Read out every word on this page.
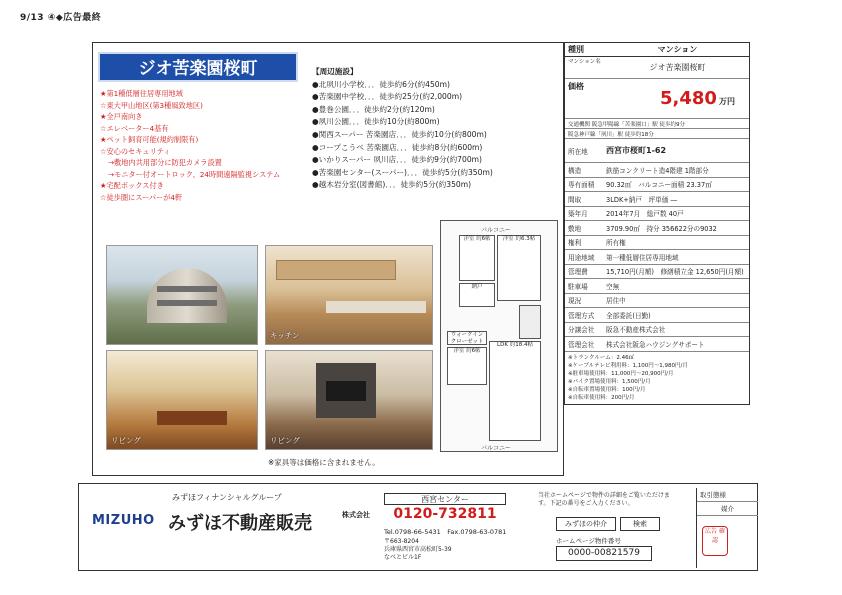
9/13 ④◆広告最終
ジオ苦楽園桜町
★第1種低層住居専用地域
☆東大甲山地区(第3種風致地区)
★全戸南向き
☆エレベーター4基有
★ペット飼育可能(規約制限有)
☆安心のセキュリティ
→敷地内共用部分に防犯カメラ設置
→モニター付オートロック、24時間遠隔監視システム
★宅配ボックス付き
☆徒歩圏にスーパーが4軒
【周辺施設】
●北夙川小学校．．．徒歩約6分(約450m)
●苦楽園中学校．．．徒歩約25分(約2,000m)
●豊巻公園．．．徒歩約2分(約120m)
●夙川公園．．．徒歩約10分(約800m)
●関西スーパー 苦楽園店．．．徒歩約10分(約800m)
●コープこうべ 苦楽園店．．．徒歩約8分(約600m)
●いかりスーパー 夙川店．．．徒歩約9分(約700m)
●苦楽園センター(スーパー)．．．徒歩約5分(約350m)
●越木岩分室(図書館)．．．徒歩約5分(約350m)
キッチン
リビング	リビング
バルコニー
洋室 約6帖	洋室 約6.3帖
納戸
ウォークイン クローゼット
洋室 約6帖
LDK 約18.4帖
バルコニー
※家具等は価格に含まれません。
種別	マンション
マンション名
ジオ苦楽園桜町
価格
5,480 万円
交通機関 阪急甲陽線「苦楽園口」駅 徒歩約9分
阪急神戸線「夙川」駅 徒歩約18分
所在地	西宮市桜町1-62
構造	鉄筋コンクリート造4階建 1階部分
専有面積	90.32㎡　バルコニー面積 23.37㎡
間取	3LDK+納戸　坪単価 ―
築年月	2014年7月　総戸数 40戸
敷地	3709.90㎡　持分 356622分の9032
権利	所有権
用途地域	第一種低層住居専用地域
管理費	15,710円(月額)　修繕積立金 12,650円(月額)
駐車場	空無
現況	居住中
管理方式	全部委託(日勤)
分譲会社	阪急不動産株式会社
管理会社	株式会社阪急ハウジングサポート
※トランクルーム：2.46㎡
※ケーブルテレビ利用料：1,100円～1,980円/月
※駐車場使用料：11,000円～20,900円/月
※バイク置場使用料：1,500円/月
※自転車置場使用料：100円/月
※自転車使用料：200円/月
MIZUHO
みずほフィナンシャルグループ
みずほ不動産販売	株式会社
西宮センター
0120-732811
Tel.0798-66-5431　Fax.0798-63-0781
〒663-8204
兵庫県西宮市高松町5-39
なべとビル1F
当社ホームページで物件の詳細をご覧いただけます。下記の番号をご入力ください。
みずほの仲介	検索
ホームページ物件番号
0000-00821579
取引態様
媒介
広告 確認
